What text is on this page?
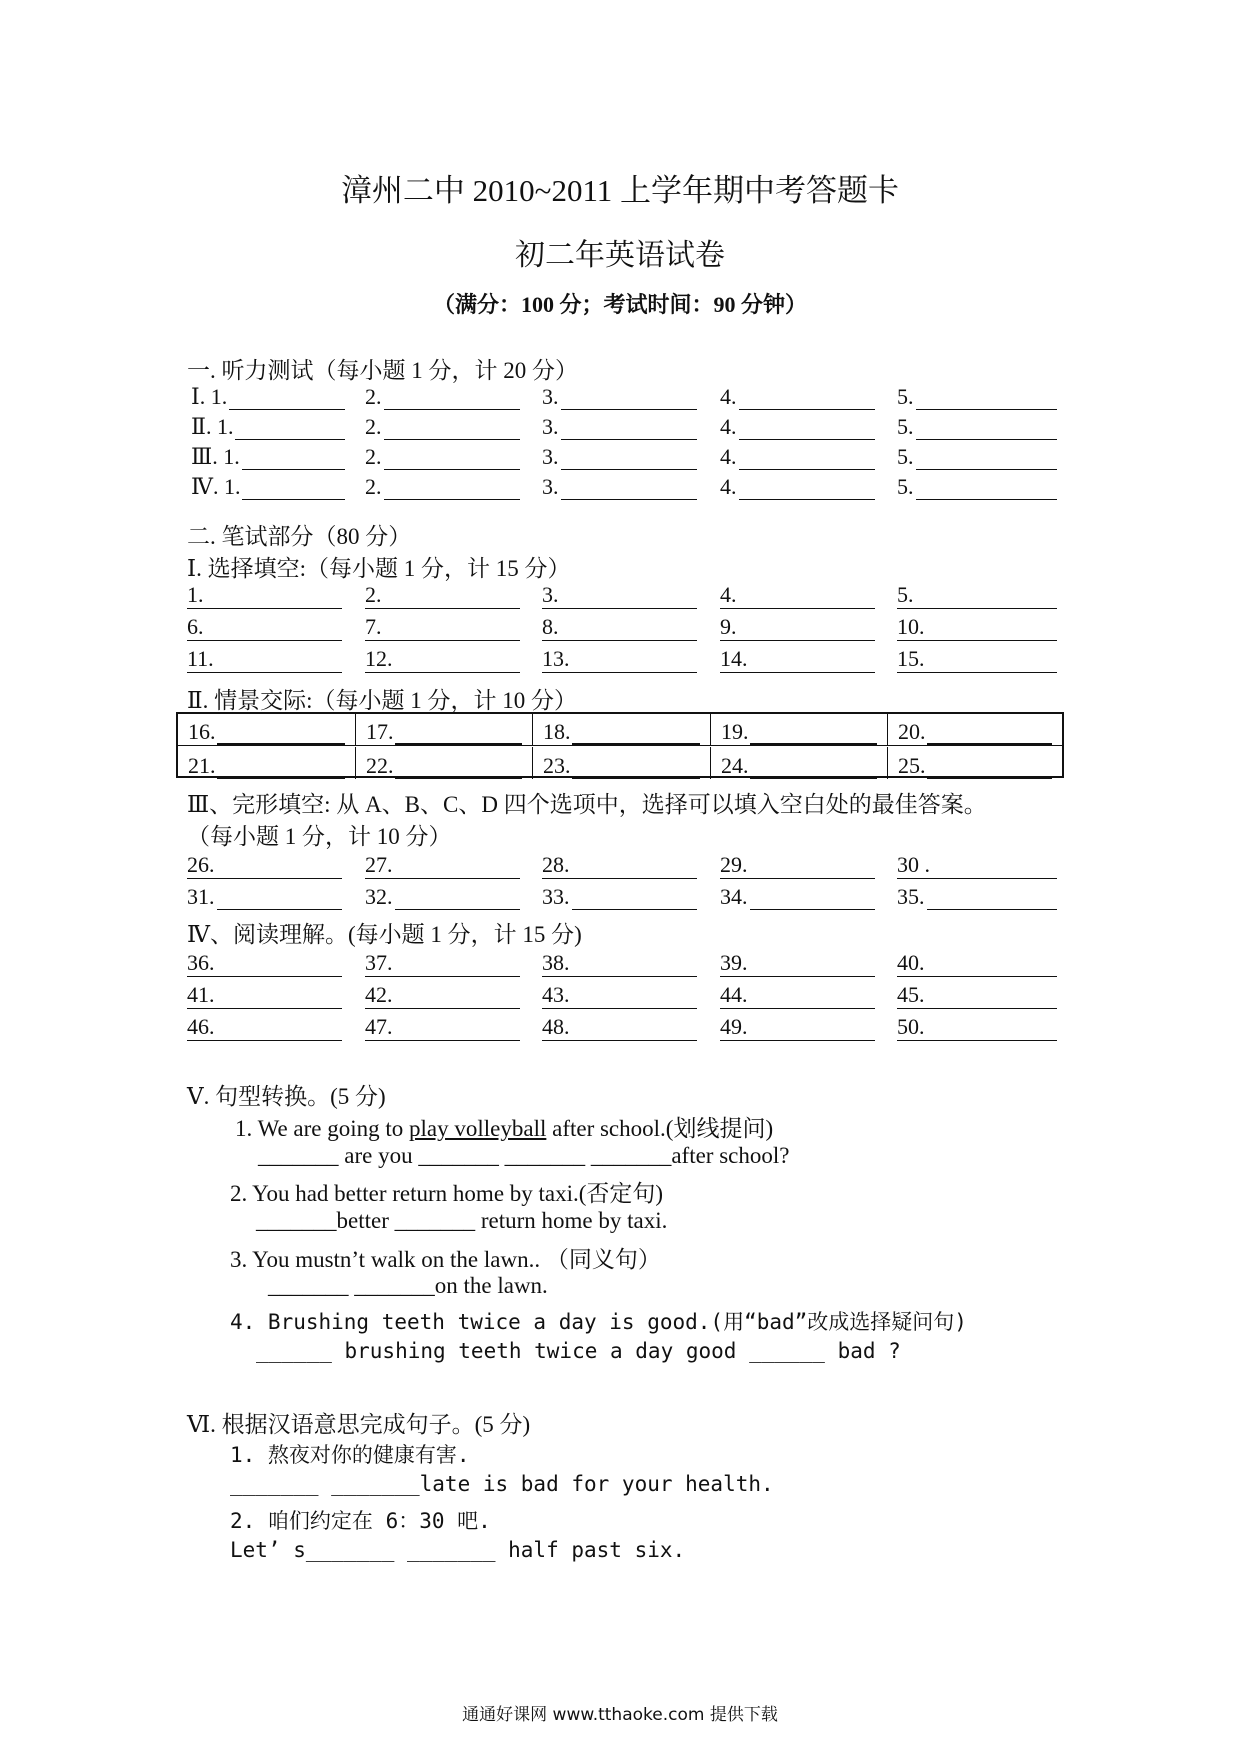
漳州二中 2010~2011 上学年期中考答题卡
初二年英语试卷
（满分：100 分；考试时间：90 分钟）
一. 听力测试（每小题 1 分，计 20 分）
Ⅰ. 1.	2.	3.	4.	5.
Ⅱ. 1.	2.	3.	4.	5.
Ⅲ. 1.	2.	3.	4.	5.
Ⅳ. 1.	2.	3.	4.	5.
二. 笔试部分（80 分）
Ⅰ. 选择填空:（每小题 1 分，计 15 分）
1.	2.	3.	4.	5.
6.	7.	8.	9.	10.
11.	12.	13.	14.	15.
Ⅱ. 情景交际:（每小题 1 分，计 10 分）
16.	17.	18.	19.	20.
21.	22.	23.	24.	25.
Ⅲ、完形填空: 从 A、B、C、D 四个选项中，选择可以填入空白处的最佳答案。
（每小题 1 分，计 10 分）
26.	27.	28.	29.	30 .
31.	32.	33.	34.	35.
Ⅳ、阅读理解。(每小题 1 分，计 15 分)
36.	37.	38.	39.	40.
41.	42.	43.	44.	45.
46.	47.	48.	49.	50.
Ⅴ. 句型转换。(5 分)
1. We are going to play volleyball after school.(划线提问)
_______ are you _______ _______ _______after school?
2. You had better return home by taxi.(否定句)
_______better _______ return home by taxi.
3. You mustn’t walk on the lawn.. （同义句）
_______ _______on the lawn.
4. Brushing teeth twice a day is good.(用“bad”改成选择疑问句)
______ brushing teeth twice a day good ______ bad ?
Ⅵ. 根据汉语意思完成句子。(5 分)
1. 熬夜对你的健康有害.
_______ _______late is bad for your health.
2. 咱们约定在 6：30 吧.
Let’ s_______ _______ half past six.
通通好课网 www.tthaoke.com 提供下载
